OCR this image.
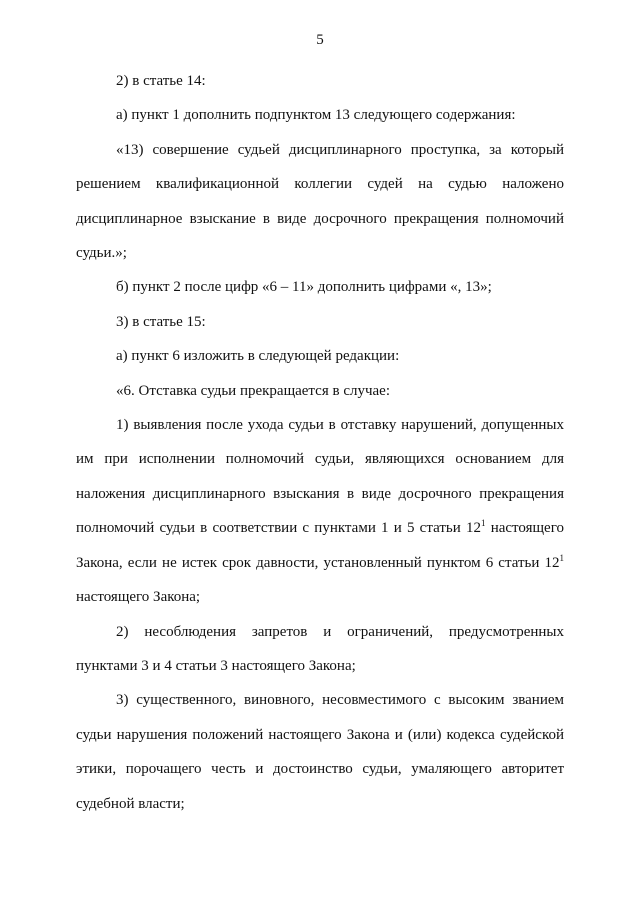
5

2) в статье 14:

а) пункт 1 дополнить подпунктом 13 следующего содержания:

«13) совершение судьей дисциплинарного проступка, за который решением квалификационной коллегии судей на судью наложено дисциплинарное взыскание в виде досрочного прекращения полномочий судьи.»;

б) пункт 2 после цифр «6 – 11» дополнить цифрами «, 13»;

3) в статье 15:

а) пункт 6 изложить в следующей редакции:

«6. Отставка судьи прекращается в случае:

1) выявления после ухода судьи в отставку нарушений, допущенных им при исполнении полномочий судьи, являющихся основанием для наложения дисциплинарного взыскания в виде досрочного прекращения полномочий судьи в соответствии с пунктами 1 и 5 статьи $12^1$ настоящего Закона, если не истек срок давности, установленный пунктом 6 статьи $12^1$ настоящего Закона;

2) несоблюдения запретов и ограничений, предусмотренных пунктами 3 и 4 статьи 3 настоящего Закона;

3) существенного, виновного, несовместимого с высоким званием судьи нарушения положений настоящего Закона и (или) кодекса судейской этики, порочащего честь и достоинство судьи, умаляющего авторитет судебной власти;
